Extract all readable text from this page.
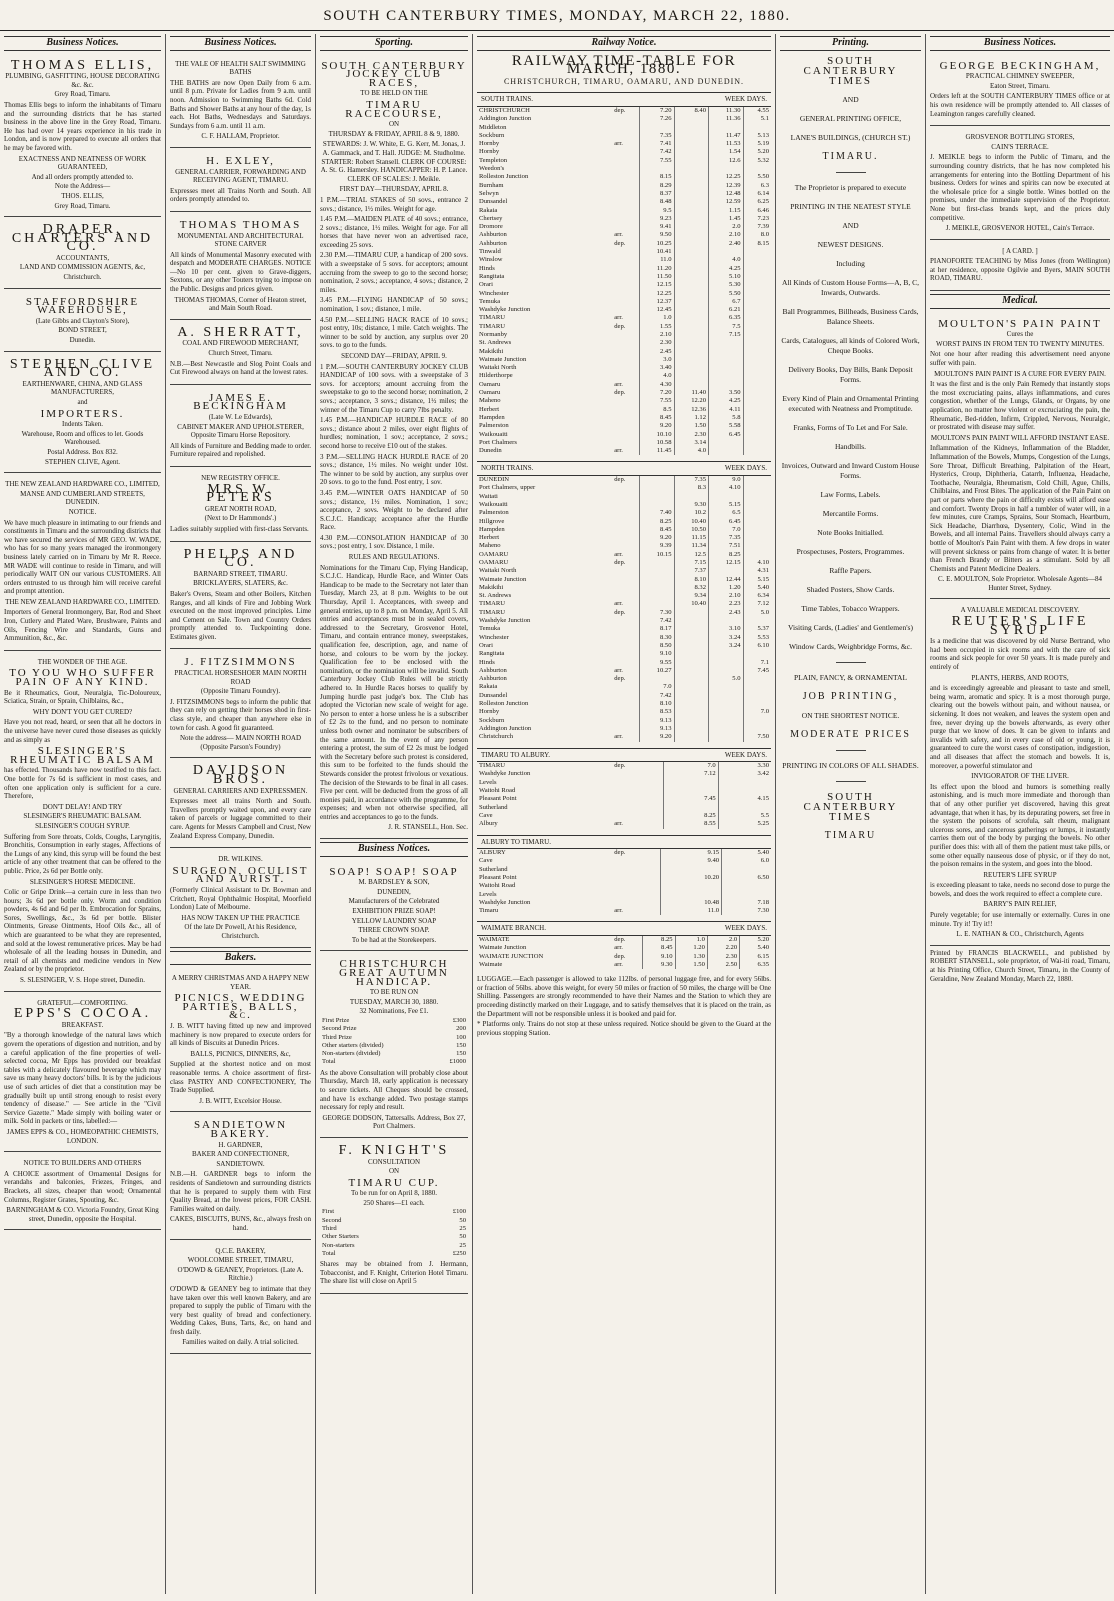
SOUTH CANTERBURY TIMES, MONDAY, MARCH 22, 1880.
Business Notices.
THOMAS ELLIS,
PLUMBING, GASFITTING, HOUSE DECORATING &c. &c.
Grey Road, Timaru.
Thomas Ellis begs to inform the inhabitants of Timaru and the surrounding districts that he has started business in the above line in the Grey Road, Timaru. He has had over 14 years experience in his trade in London, and is now prepared to execute all orders that he may be favored with.
EXACTNESS AND NEATNESS OF WORK GUARANTEED,
And all orders promptly attended to.
Note the Address—
THOS. ELLIS,
Grey Road, Timaru.
DRAPER, CHARTERS AND CO.
ACCOUNTANTS,
LAND AND COMMISSION AGENTS, &c,
Christchurch.
STAFFORDSHIRE WAREHOUSE,
(Late Gibbs and Clayton's Store),
BOND STREET,
Dunedin.
STEPHEN CLIVE AND CO.
EARTHENWARE, CHINA, AND GLASS MANUFACTURERS,
and
IMPORTERS.
Indents Taken.
Warehouse, Room and offices to let. Goods Warehoused.
Postal Address. Box 832.
STEPHEN CLIVE, Agent.
THE NEW ZEALAND HARDWARE CO., LIMITED,
MANSE AND CUMBERLAND STREETS, DUNEDIN.
NOTICE.
We have much pleasure in intimating to our friends and constituents in Timaru and the surrounding districts that we have secured the services of MR GEO. W. WADE, who has for so many years managed the ironmongery business lately carried on in Timaru by Mr R. Reece. MR WADE will continue to reside in Timaru, and will periodically WAIT ON our various CUSTOMERS. All orders entrusted to us through him will receive careful and prompt attention.
THE NEW ZEALAND HARDWARE CO., LIMITED.
Importers of General Ironmongery, Bar, Rod and Sheet Iron, Cutlery and Plated Ware, Brushware, Paints and Oils, Fencing Wire and Standards, Guns and Ammunition, &c., &c.
THE WONDER OF THE AGE.
TO YOU WHO SUFFER PAIN OF ANY KIND.
Be it Rheumatics, Gout, Neuralgia, Tic-Doloureux, Sciatica, Strain, or Sprain, Chilblains, &c.,
WHY DON'T YOU GET CURED?
Have you not read, heard, or seen that all he doctors in the universe have never cured those diseases as quickly and as simply as
SLESINGER'S RHEUMATIC BALSAM
has effected. Thousands have now testified to this fact. One bottle for 7s 6d is sufficient in most cases, and often one application only is sufficient for a cure. Therefore,
DON'T DELAY! AND TRY
SLESINGER'S RHEUMATIC BALSAM.
SLESINGER'S COUGH SYRUP.
Suffering from Sore throats, Colds, Coughs, Laryngitis, Bronchitis, Consumption in early stages, Affections of the Lungs of any kind, this syrup will be found the best article of any other treatment that can be offered to the public. Price, 2s 6d per Bottle only.
SLESINGER'S HORSE MEDICINE.
Colic or Gripe Drink—a certain cure in less than two hours; 3s 6d per bottle only. Worm and condition powders, 4s 6d and 6d per lb. Embrocation for Sprains, Sores, Swellings, &c., 3s 6d per bottle. Blister Ointments, Grease Ointments, Hoof Oils &c., all of which are guaranteed to be what they are represented, and sold at the lowest remunerative prices. May be had wholesale of all the leading houses in Dunedin, and retail of all chemists and medicine vendors in New Zealand or by the proprietor.
S. SLESINGER, V. S. Hope street, Dunedin.
GRATEFUL—COMFORTING.
EPPS'S COCOA.
BREAKFAST.
"By a thorough knowledge of the natural laws which govern the operations of digestion and nutrition, and by a careful application of the fine properties of well-selected cocoa, Mr Epps has provided our breakfast tables with a delicately flavoured beverage which may save us many heavy doctors' bills. It is by the judicious use of such articles of diet that a constitution may be gradually built up until strong enough to resist every tendency of disease." — See article in the "Civil Service Gazette." Made simply with boiling water or milk. Sold in packets or tins, labelled:—
JAMES EPPS & CO., HOMEOPATHIC CHEMISTS, LONDON.
NOTICE TO BUILDERS AND OTHERS
A CHOICE assortment of Ornamental Designs for verandahs and balconies, Friezes, Fringes, and Brackets, all sizes, cheaper than wood; Ornamental Columns, Register Grates, Spouting, &c.
BARNINGHAM & CO. Victoria Foundry, Great King street, Dunedin, opposite the Hospital.
Business Notices.
THE VALE OF HEALTH SALT SWIMMING BATHS
THE BATHS are now Open Daily from 6 a.m. until 8 p.m. Private for Ladies from 9 a.m. until noon. Admission to Swimming Baths 6d. Cold Baths and Shower Baths at any hour of the day, 1s each. Hot Baths, Wednesdays and Saturdays. Sundays from 6 a.m. until 11 a.m.
C. F. HALLAM, Proprietor.
H. EXLEY,
GENERAL CARRIER, FORWARDING AND RECEIVING AGENT, TIMARU.
Expresses meet all Trains North and South. All orders promptly attended to.
THOMAS THOMAS
MONUMENTAL AND ARCHITECTURAL STONE CARVER
All kinds of Monumental Masonry executed with despatch and MODERATE CHARGES. NOTICE—No 10 per cent. given to Grave-diggers, Sextons, or any other Touters trying to impose on the Public. Designs and prices given.
THOMAS THOMAS, Corner of Heaton street, and Main South Road.
A. SHERRATT,
COAL AND FIREWOOD MERCHANT,
Church Street, Timaru.
N.B.—Best Newcastle and Slog Point Coals and Cut Firewood always on hand at the lowest rates.
JAMES E. BECKINGHAM
(Late W. Le Edwards),
CABINET MAKER AND UPHOLSTERER, Opposite Timaru Horse Repository.
All kinds of Furniture and Bedding made to order. Furniture repaired and repolished.
NEW REGISTRY OFFICE.
MRS W. PETERS
GREAT NORTH ROAD,
(Next to Dr Hammonds'.)
Ladies suitably supplied with first-class Servants.
PHELPS AND CO.
BARNARD STREET, TIMARU.
BRICKLAYERS, SLATERS, &c.
Baker's Ovens, Steam and other Boilers, Kitchen Ranges, and all kinds of Fire and Jobbing Work executed on the most improved principles. Lime and Cement on Sale. Town and Country Orders promptly attended to. Tuckpointing done. Estimates given.
J. FITZSIMMONS
PRACTICAL HORSESHOER MAIN NORTH ROAD
(Opposite Timaru Foundry).
J. FITZSIMMONS begs to inform the public that they can rely on getting their horses shod in first-class style, and cheaper than anywhere else in town for cash. A good fit guaranteed.
Note the address— MAIN NORTH ROAD (Opposite Parson's Foundry)
DAVIDSON BROS.
GENERAL CARRIERS AND EXPRESSMEN.
Expresses meet all trains North and South. Travellers promptly waited upon, and every care taken of parcels or luggage committed to their care. Agents for Messrs Campbell and Crust, New Zealand Express Company, Dunedin.
DR. WILKINS.
SURGEON, OCULIST AND AURIST.
(Formerly Clinical Assistant to Dr. Bowman and Critchett, Royal Ophthalmic Hospital, Moorfield London) Late of Melbourne.
HAS NOW TAKEN UP THE PRACTICE
Of the late Dr Powell, At his Residence, Christchurch.
Bakers.
A MERRY CHRISTMAS AND A HAPPY NEW YEAR.
PICNICS, WEDDING PARTIES, BALLS, &c.
J. B. WITT having fitted up new and improved machinery is now prepared to execute orders for all kinds of Biscuits at Dunedin Prices.
BALLS, PICNICS, DINNERS, &c,
Supplied at the shortest notice and on most reasonable terms. A choice assortment of first-class PASTRY AND CONFECTIONERY, The Trade Supplied.
J. B. WITT, Excelsior House.
SANDIETOWN BAKERY.
H. GARDNER,
BAKER AND CONFECTIONER,
SANDIETOWN.
N.B.—H. GARDNER begs to inform the residents of Sandietown and surrounding districts that he is prepared to supply them with First Quality Bread, at the lowest prices, FOR CASH. Families waited on daily.
CAKES, BISCUITS, BUNS, &c., always fresh on hand.
Q.C.E. BAKERY,
WOOLCOMBE STREET, TIMARU,
O'DOWD & GEANEY, Proprietors. (Late A. Ritchie.)
O'DOWD & GEANEY beg to intimate that they have taken over this well known Bakery, and are prepared to supply the public of Timaru with the very best quality of bread and confectionery. Wedding Cakes, Buns, Tarts, &c, on hand and fresh daily.
Families waited on daily. A trial solicited.
Sporting.
SOUTH CANTERBURY JOCKEY CLUB RACES,
TO BE HELD ON THE
TIMARU RACECOURSE,
ON
THURSDAY & FRIDAY, APRIL 8 & 9, 1880.
STEWARDS: J. W. White, E. G. Kerr, M. Jonas, J. A. Gammack, and T. Hall. JUDGE: M. Studholme. STARTER: Robert Stansell. CLERK OF COURSE: A. St. G. Hamersley. HANDICAPPER: H. P. Lance. CLERK OF SCALES: J. Meikle.
FIRST DAY—THURSDAY, APRIL 8.
1 P.M.—TRIAL STAKES of 50 sovs., entrance 2 sovs.; distance, 1½ miles. Weight for age.
1.45 P.M.—MAIDEN PLATE of 40 sovs.; entrance, 2 sovs.; distance, 1½ miles. Weight for age. For all horses that have never won an advertised race, exceeding 25 sovs.
2.30 P.M.—TIMARU CUP, a handicap of 200 sovs. with a sweepstake of 5 sovs. for acceptors; amount accruing from the sweep to go to the second horse; nomination, 2 sovs.; acceptance, 4 sovs.; distance, 2 miles.
3.45 P.M.—FLYING HANDICAP of 50 sovs.; nomination, 1 sov.; distance, 1 mile.
4.50 P.M.—SELLING HACK RACE of 10 sovs.; post entry, 10s; distance, 1 mile. Catch weights. The winner to be sold by auction, any surplus over 20 sovs. to go to the funds.
SECOND DAY—FRIDAY, APRIL 9.
1 P.M.—SOUTH CANTERBURY JOCKEY CLUB HANDICAP of 100 sovs. with a sweepstake of 3 sovs. for acceptors; amount accruing from the sweepstake to go to the second horse; nomination, 2 sovs.; acceptance, 3 sovs.; distance, 1½ miles; the winner of the Timaru Cup to carry 7lbs penalty.
1.45 P.M.—HANDICAP HURDLE RACE of 80 sovs.; distance about 2 miles, over eight flights of hurdles; nomination, 1 sov.; acceptance, 2 sovs.; second horse to receive £10 out of the stakes.
3 P.M.—SELLING HACK HURDLE RACE of 20 sovs.; distance, 1½ miles. No weight under 10st. The winner to be sold by auction, any surplus over 20 sovs. to go to the fund. Post entry, 1 sov.
3.45 P.M.—WINTER OATS HANDICAP of 50 sovs.; distance, 1½ miles. Nomination, 1 sov.; acceptance, 2 sovs. Weight to be declared after S.C.J.C. Handicap; acceptance after the Hurdle Race.
4.30 P.M.—CONSOLATION HANDICAP of 30 sovs.; post entry, 1 sov. Distance, 1 mile.
RULES AND REGULATIONS.
Nominations for the Timaru Cup, Flying Handicap, S.C.J.C. Handicap, Hurdle Race, and Winter Oats Handicap to be made to the Secretary not later than Tuesday, March 23, at 8 p.m. Weights to be out Thursday, April 1. Acceptances, with sweep and general entries, up to 8 p.m. on Monday, April 5. All entries and acceptances must be in sealed covers, addressed to the Secretary, Grosvenor Hotel, Timaru, and contain entrance money, sweepstakes, qualification fee, description, age, and name of horse, and colours to be worn by the jockey. Qualification fee to be enclosed with the nomination, or the nomination will be invalid. South Canterbury Jockey Club Rules will be strictly adhered to. In Hurdle Races horses to qualify by Jumping hurdle past judge's box. The Club has adopted the Victorian new scale of weight for age. No person to enter a horse unless he is a subscriber of £2 2s to the fund, and no person to nominate unless both owner and nominator be subscribers of the same amount. In the event of any person entering a protest, the sum of £2 2s must be lodged with the Secretary before such protest is considered, this sum to be forfeited to the funds should the Stewards consider the protest frivolous or vexatious. The decision of the Stewards to be final in all cases. Five per cent. will be deducted from the gross of all monies paid, in accordance with the programme, for expenses; and when not otherwise specified, all entries and acceptances to go to the funds.
J. R. STANSELL, Hon. Sec.
Business Notices.
SOAP! SOAP! SOAP
M. BARDSLEY & SON,
DUNEDIN,
Manufacturers of the Celebrated
EXHIBITION PRIZE SOAP!
YELLOW LAUNDRY SOAP
THREE CROWN SOAP.
To be had at the Storekeepers.
CHRISTCHURCH GREAT AUTUMN HANDICAP.
TO BE RUN ON
TUESDAY, MARCH 30, 1880.
32 Nominations, Fee £1.
First Prize	£300
Second Prize	200
Third Prize	100
Other starters (divided)	150
Non-starters (divided)	150
Total	£1000
As the above Consultation will probably close about Thursday, March 18, early application is necessary to secure tickets. All Cheques should be crossed, and have 1s exchange added. Two postage stamps necessary for reply and result.
GEORGE DODSON, Tattersalls. Address, Box 27, Port Chalmers.
F. KNIGHT'S
CONSULTATION
ON
TIMARU CUP.
To be run for on April 8, 1880.
250 Shares—£1 each.
First	£100
Second	50
Third	25
Other Starters	50
Non-starters	25
Total	£250
Shares may be obtained from J. Hermann, Tobacconist, and F. Knight, Criterion Hotel Timaru. The share list will close on April 5
Railway Notice.
RAILWAY TIME-TABLE FOR MARCH, 1880.
CHRISTCHURCH, TIMARU, OAMARU, AND DUNEDIN.
SOUTH TRAINS.	WEEK DAYS.
CHRISTCHURCH	dep.	7.20	8.40	11.30	4.55
Addington Junction		7.26		11.36	5.1
Middleton					
Sockburn		7.35		11.47	5.13
Hornby	arr.	7.41		11.53	5.19
Hornby		7.42		1.54	5.20
Templeton		7.55		12.6	5.32
Weedon's					
Rolleston Junction		8.15		12.25	5.50
Burnham		8.29		12.39	6.3
Selwyn		8.37		12.48	6.14
Dunsandel		8.48		12.59	6.25
Rakaia		9.5		1.15	6.46
Chertsey		9.23		1.45	7.23
Dromore		9.41		2.0	7.39
Ashburton	arr.	9.50		2.10	8.0
Ashburton	dep.	10.25		2.40	8.15
Tinwald		10.41			
Winslow		11.0		4.0	
Hinds		11.20		4.25	
Rangitata		11.50		5.10	
Orari		12.15		5.30	
Winchester		12.25		5.50	
Temuka		12.37		6.7	
Washdyke Junction		12.45		6.21	
TIMARU	arr.	1.0		6.35	
TIMARU	dep.	1.55		7.5	
Normanby		2.10		7.15	
St. Andrews		2.30			
Makikihi		2.45			
Waimate Junction		3.0			
Waitaki North		3.40			
Hilderthorpe		4.0			
Oamaru	arr.	4.30			
Oamaru	dep.	7.20	11.40	3.50	
Maheno		7.55	12.20	4.25	
Herbert		8.5	12.36	4.11	
Hampden		8.45	1.12	5.8	
Palmerston		9.20	1.50	5.58	
Waikouaiti		10.10	2.30	6.45	
Port Chalmers		10.58	3.14		
Dunedin	arr.	11.45	4.0		
NORTH TRAINS.	WEEK DAYS.
DUNEDIN	dep.		7.35	9.0	
Port Chalmers, upper			8.3	4.10	
Waitati					
Waikouaiti			9.30	5.15	
Palmerston		7.40	10.2	6.5	
Hillgrove		8.25	10.40	6.45	
Hampden		8.45	10.50	7.0	
Herbert		9.20	11.15	7.35	
Maheno		9.39	11.34	7.51	
OAMARU	arr.	10.15	12.5	8.25	
OAMARU	dep.		7.15	12.15	4.10
Waitaki North			7.37		4.31
Waimate Junction			8.10	12.44	5.15
Makikihi			8.32	1.20	5.40
St. Andrews			9.34	2.10	6.34
TIMARU	arr.		10.40	2.23	7.12
TIMARU	dep.	7.30		2.43	5.0
Washdyke Junction		7.42			
Temuka		8.17		3.10	5.37
Winchester		8.30		3.24	5.53
Orari		8.50		3.24	6.10
Rangitata		9.10			
Hinds		9.55			7.1
Ashburton	arr.	10.27			7.45
Ashburton	dep.			5.0	
Rakaia		7.0			
Dunsandel		7.42			
Rolleston Junction		8.10			
Hornby		8.53			7.0
Sockburn		9.13			
Addington Junction		9.13			
Christchurch	arr.	9.20			7.50
TIMARU TO ALBURY.	WEEK DAYS.
TIMARU	dep.	7.0	3.30
Washdyke Junction		7.12	3.42
Levels			
Waitohi Road			
Pleasant Point		7.45	4.15
Sutherland			
Cave		8.25	5.5
Albury	arr.	8.55	5.25
ALBURY TO TIMARU.
ALBURY	dep.	9.15	5.40
Cave		9.40	6.0
Sutherland			
Pleasant Point		10.20	6.50
Waitohi Road			
Levels			
Washdyke Junction		10.48	7.18
Timaru	arr.	11.0	7.30
WAIMATE BRANCH.	WEEK DAYS.
WAIMATE	dep.	8.25	1.0	2.0	5.20
Waimate Junction	arr.	8.45	1.20	2.20	5.40
WAIMATE JUNCTION	dep.	9.10	1.30	2.30	6.15
Waimate	arr.	9.30	1.50	2.50	6.35
LUGGAGE.—Each passenger is allowed to take 112lbs. of personal luggage free, and for every 56lbs. or fraction of 56lbs. above this weight, for every 50 miles or fraction of 50 miles, the charge will be One Shilling. Passengers are strongly recommended to have their Names and the Station to which they are proceeding distinctly marked on their Luggage, and to satisfy themselves that it is placed on the train, as the Department will not be responsible unless it is booked and paid for.
* Platforms only. Trains do not stop at these unless required. Notice should be given to the Guard at the previous stopping Station.
Printing.
SOUTH CANTERBURY TIMES
AND
GENERAL PRINTING OFFICE,
LANE'S BUILDINGS, (CHURCH ST.)
TIMARU.
The Proprietor is prepared to execute
PRINTING IN THE NEATEST STYLE
AND
NEWEST DESIGNS.
Including
All Kinds of Custom House Forms—A, B, C, Inwards, Outwards.
Ball Programmes, Billheads, Business Cards, Balance Sheets.
Cards, Catalogues, all kinds of Colored Work, Cheque Books.
Delivery Books, Day Bills, Bank Deposit Forms.
Every Kind of Plain and Ornamental Printing executed with Neatness and Promptitude.
Franks, Forms of To Let and For Sale.
Handbills.
Invoices, Outward and Inward Custom House Forms.
Law Forms, Labels.
Mercantile Forms.
Note Books Initialled.
Prospectuses, Posters, Programmes.
Raffle Papers.
Shaded Posters, Show Cards.
Time Tables, Tobacco Wrappers.
Visiting Cards, (Ladies' and Gentlemen's)
Window Cards, Weighbridge Forms, &c.
PLAIN, FANCY, & ORNAMENTAL
JOB PRINTING,
ON THE SHORTEST NOTICE.
MODERATE PRICES
PRINTING IN COLORS OF ALL SHADES.
SOUTH CANTERBURY TIMES
TIMARU
Business Notices.
GEORGE BECKINGHAM,
PRACTICAL CHIMNEY SWEEPER,
Eaton Street, Timaru.
Orders left at the SOUTH CANTERBURY TIMES office or at his own residence will be promptly attended to. All classes of Leamington ranges carefully cleaned.
GROSVENOR BOTTLING STORES,
CAIN'S TERRACE.
J. MEIKLE begs to inform the Public of Timaru, and the surrounding country districts, that he has now completed his arrangements for entering into the Bottling Department of his business. Orders for wines and spirits can now be executed at the wholesale price for a single bottle. Wines bottled on the premises, under the immediate supervision of the Proprietor. None but first-class brands kept, and the prices duly competitive.
J. MEIKLE, GROSVENOR HOTEL, Cain's Terrace.
[ A CARD. ]
PIANOFORTE TEACHING by Miss Jones (from Wellington) at her residence, opposite Ogilvie and Byers, MAIN SOUTH ROAD, TIMARU.
Medical.
MOULTON'S PAIN PAINT
Cures the
WORST PAINS IN FROM TEN TO TWENTY MINUTES.
Not one hour after reading this advertisement need anyone suffer with pain.
MOULTON'S PAIN PAINT IS A CURE FOR EVERY PAIN.
It was the first and is the only Pain Remedy that instantly stops the most excruciating pains, allays inflammations, and cures congestion, whether of the Lungs, Glands, or Organs, by one application, no matter how violent or excruciating the pain, the Rheumatic, Bed-ridden, Infirm, Crippled, Nervous, Neuralgic, or prostrated with disease may suffer.
MOULTON'S PAIN PAINT WILL AFFORD INSTANT EASE.
Inflammation of the Kidneys, Inflammation of the Bladder, Inflammation of the Bowels, Mumps, Congestion of the Lungs, Sore Throat, Difficult Breathing, Palpitation of the Heart, Hysterics, Croup, Diphtheria, Catarrh, Influenza, Headache, Toothache, Neuralgia, Rheumatism, Cold Chill, Ague, Chills, Chilblains, and Frost Bites. The application of the Pain Paint on part or parts where the pain or difficulty exists will afford ease and comfort. Twenty Drops in half a tumbler of water will, in a few minutes, cure Cramps, Sprains, Sour Stomach, Heartburn, Sick Headache, Diarrhœa, Dysentery, Colic, Wind in the Bowels, and all internal Pains. Travellers should always carry a bottle of Moulton's Pain Paint with them. A few drops in water will prevent sickness or pains from change of water. It is better than French Brandy or Bitters as a stimulant. Sold by all Chemists and Patent Medicine Dealers.
C. E. MOULTON, Sole Proprietor. Wholesale Agents—84 Hunter Street, Sydney.
A VALUABLE MEDICAL DISCOVERY.
REUTER'S LIFE SYRUP
Is a medicine that was discovered by old Nurse Bertrand, who had been occupied in sick rooms and with the care of sick rooms and sick people for over 50 years. It is made purely and entirely of
PLANTS, HERBS, AND ROOTS,
and is exceedingly agreeable and pleasant to taste and smell, being warm, aromatic and spicy. It is a most thorough purge, clearing out the bowels without pain, and without nausea, or sickening. It does not weaken, and leaves the system open and free, never drying up the bowels afterwards, as every other purge that we know of does. It can be given to infants and invalids with safety, and in every case of old or young, it is guaranteed to cure the worst cases of constipation, indigestion, and all diseases that affect the stomach and bowels. It is, moreover, a powerful stimulator and
INVIGORATOR OF THE LIVER.
Its effect upon the blood and humors is something really astonishing, and is much more immediate and thorough than that of any other purifier yet discovered, having this great advantage, that when it has, by its depurating powers, set free in the system the poisons of scrofula, salt rheum, malignant ulcerous sores, and cancerous gatherings or lumps, it instantly carries them out of the body by purging the bowels. No other purifier does this: with all of them the patient must take pills, or some other equally nauseous dose of physic, or if they do not, the poison remains in the system, and goes into the blood.
REUTER'S LIFE SYRUP
is exceeding pleasant to take, needs no second dose to purge the bowels, and does the work required to effect a complete cure.
BARRY'S PAIN RELIEF,
Purely vegetable; for use internally or externally. Cures in one minute. Try it! Try it!!
L. E. NATHAN & CO., Christchurch, Agents
Printed by FRANCIS BLACKWELL, and published by ROBERT STANSELL, sole proprietor, of Wai-iti road, Timaru, at his Printing Office, Church Street, Timaru, in the County of Geraldine, New Zealand Monday, March 22, 1880.
